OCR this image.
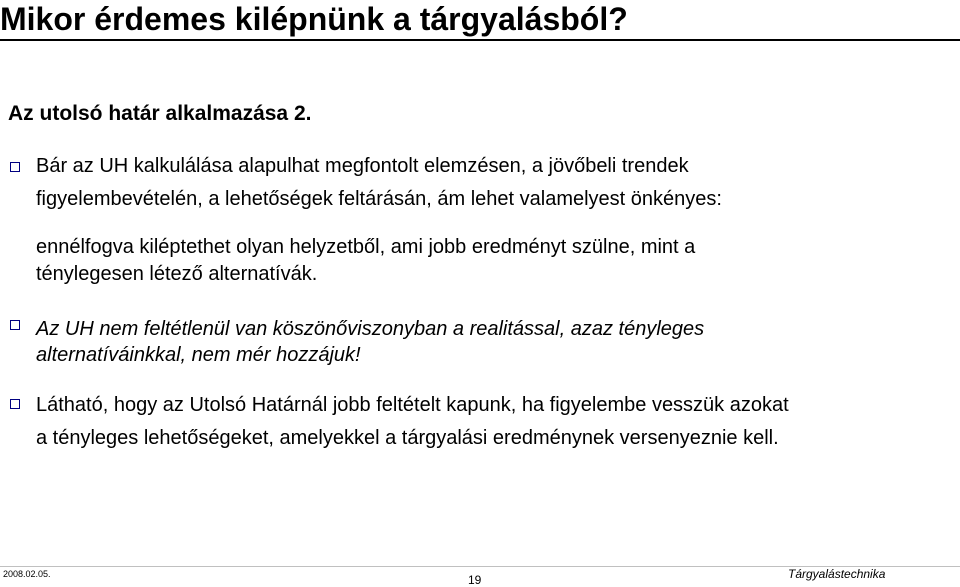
Mikor érdemes kilépnünk a tárgyalásból?
Az utolsó határ alkalmazása 2.
Bár az UH kalkulálása alapulhat megfontolt elemzésen, a jövőbeli trendek
figyelembevételén, a lehetőségek feltárásán, ám lehet valamelyest önkényes:
ennélfogva kiléptethet olyan helyzetből, ami jobb eredményt szülne, mint a
ténylegesen létező alternatívák.
Az UH nem feltétlenül van köszönőviszonyban a realitással, azaz tényleges
alternatíváinkkal, nem mér hozzájuk!
Látható, hogy az Utolsó Határnál jobb feltételt kapunk, ha figyelembe vesszük azokat
a tényleges lehetőségeket, amelyekkel a tárgyalási eredménynek versenyeznie kell.
2008.02.05.	19	Tárgyalástechnika
